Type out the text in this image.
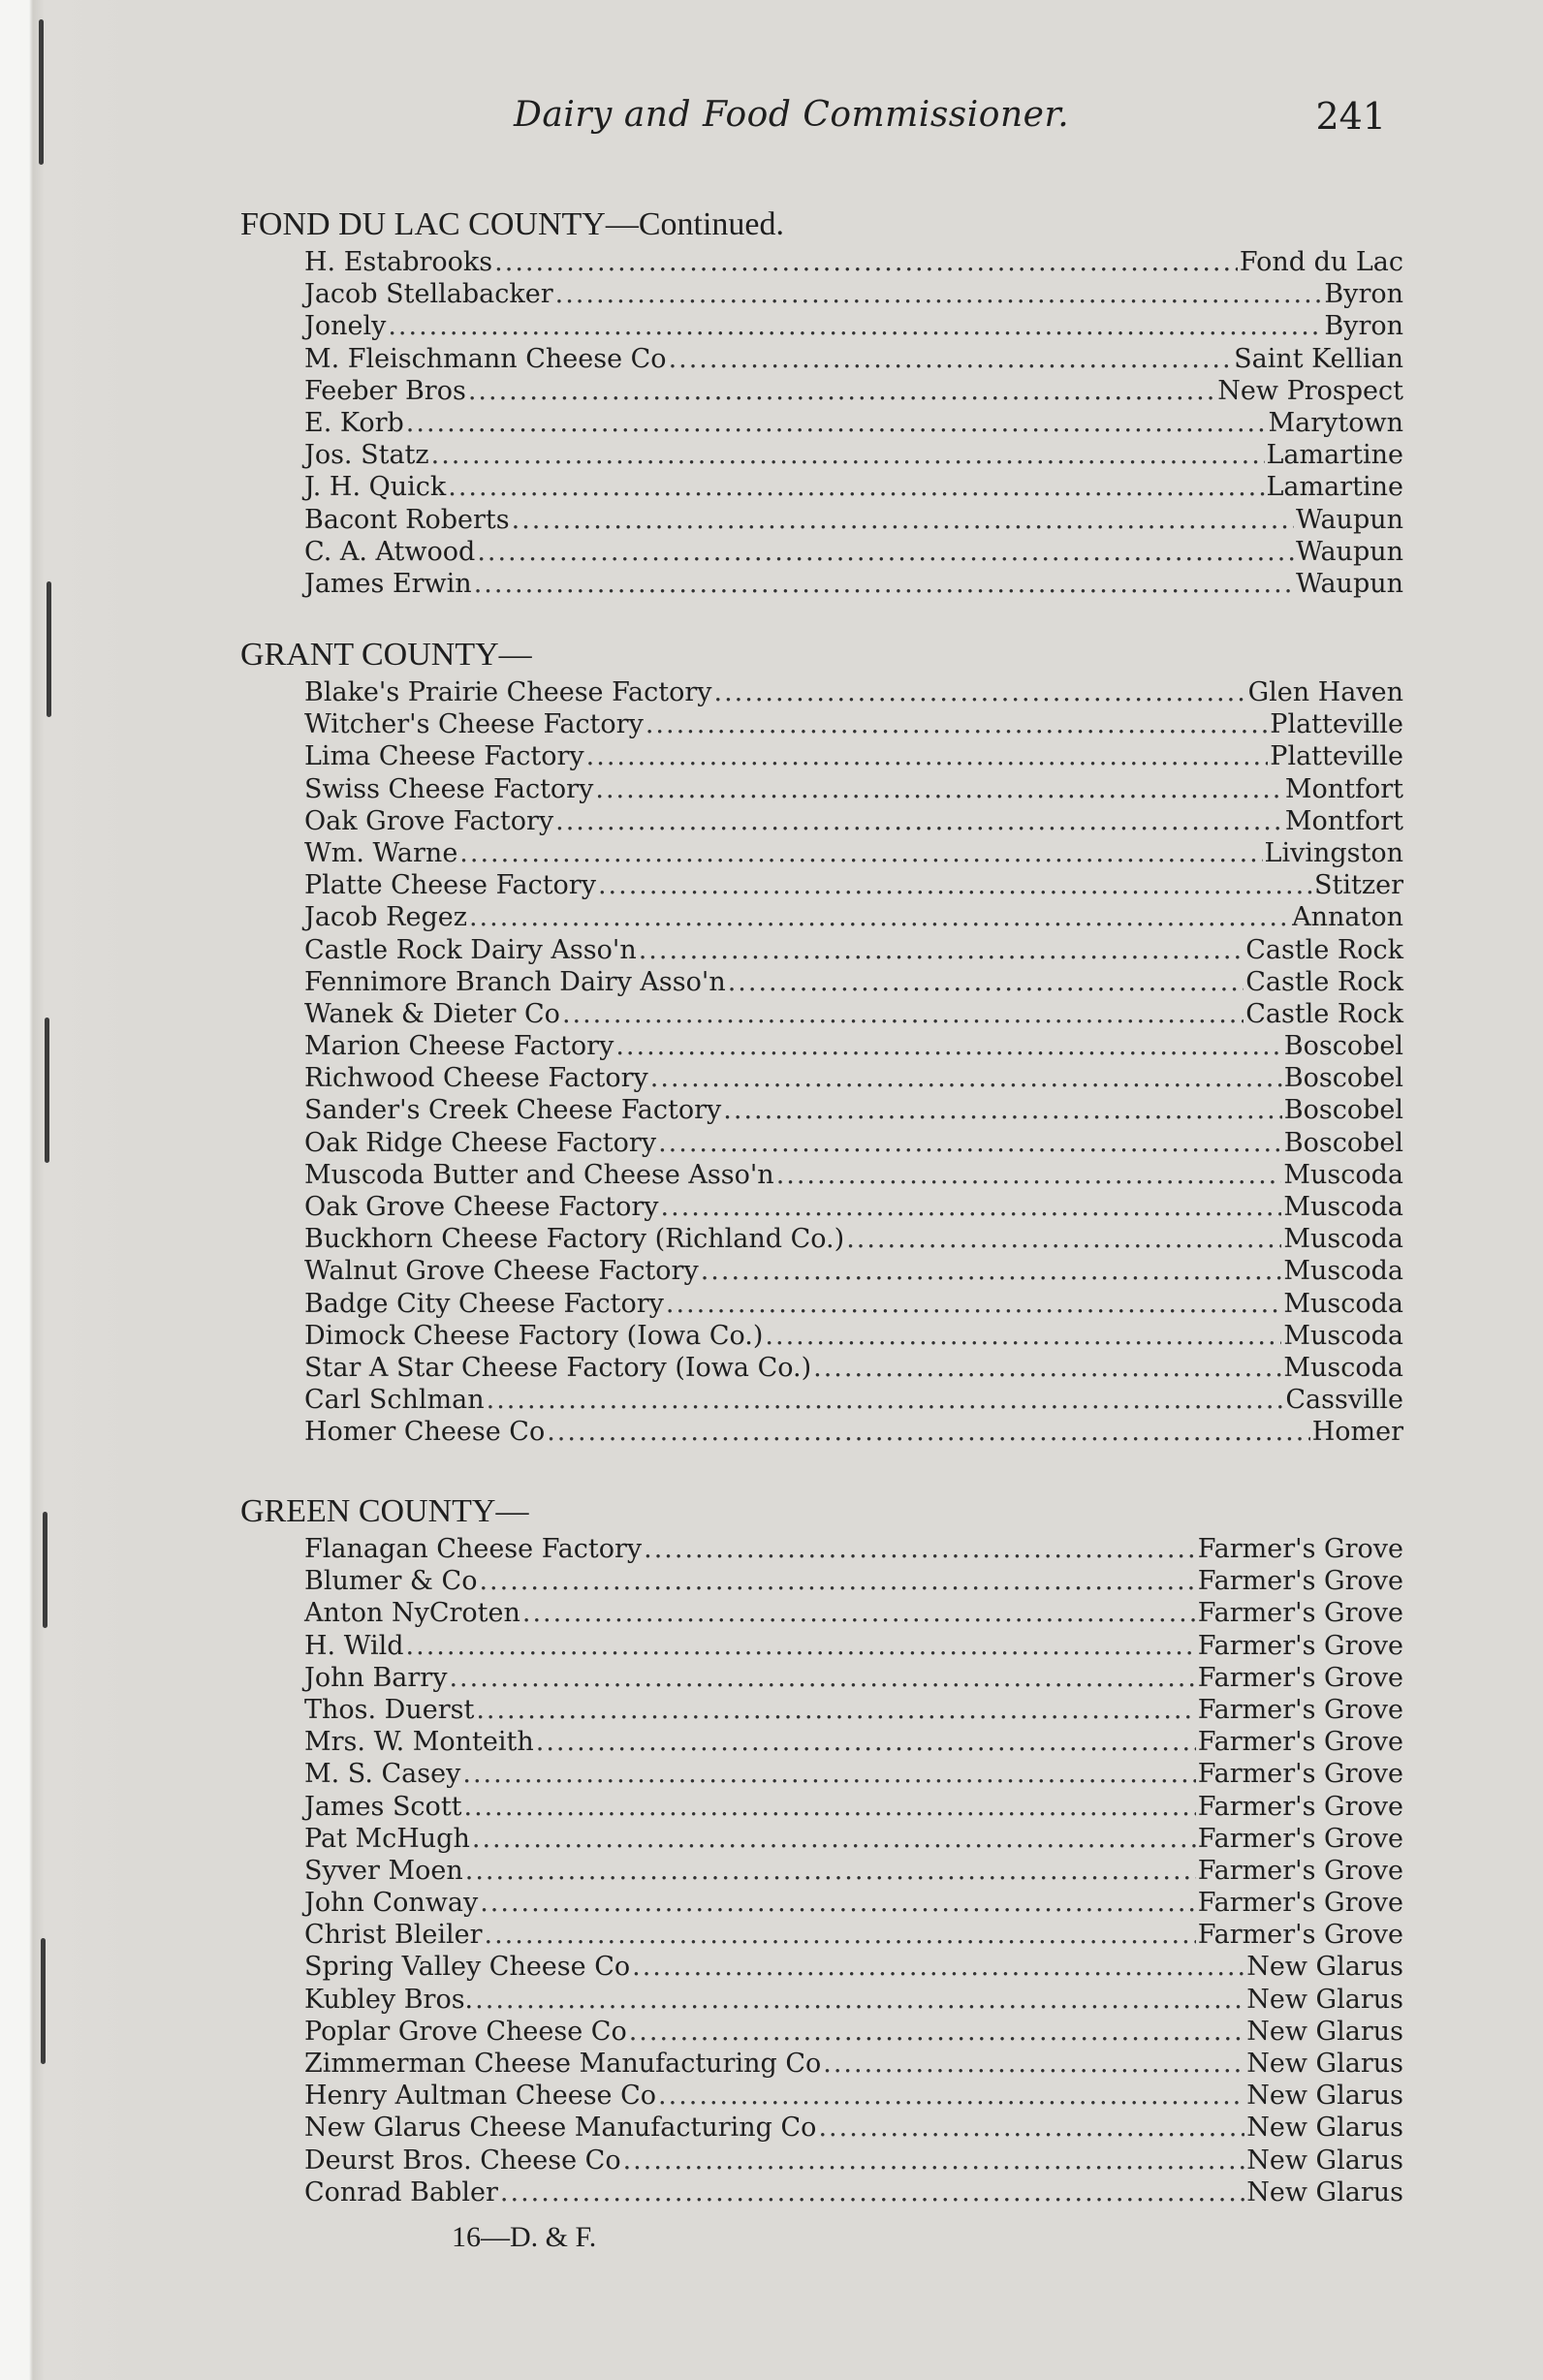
Dairy and Food Commissioner.	241
FOND DU LAC COUNTY—Continued.
H. Estabrooks .....	Fond du Lac
Jacob Stellabacker .....	Byron
Jonely .....	Byron
M. Fleischmann Cheese Co .....	Saint Kellian
Feeber Bros .....	New Prospect
E. Korb .....	Marytown
Jos. Statz .....	Lamartine
J. H. Quick .....	Lamartine
Bacont Roberts .....	Waupun
C. A. Atwood .....	Waupun
James Erwin .....	Waupun
GRANT COUNTY—
Blake's Prairie Cheese Factory .....	Glen Haven
Witcher's Cheese Factory .....	Platteville
Lima Cheese Factory .....	Platteville
Swiss Cheese Factory .....	Montfort
Oak Grove Factory .....	Montfort
Wm. Warne .....	Livingston
Platte Cheese Factory .....	Stitzer
Jacob Regez .....	Annaton
Castle Rock Dairy Asso'n .....	Castle Rock
Fennimore Branch Dairy Asso'n .....	Castle Rock
Wanek & Dieter Co .....	Castle Rock
Marion Cheese Factory .....	Boscobel
Richwood Cheese Factory .....	Boscobel
Sander's Creek Cheese Factory .....	Boscobel
Oak Ridge Cheese Factory .....	Boscobel
Muscoda Butter and Cheese Asso'n .....	Muscoda
Oak Grove Cheese Factory .....	Muscoda
Buckhorn Cheese Factory (Richland Co.) .....	Muscoda
Walnut Grove Cheese Factory .....	Muscoda
Badge City Cheese Factory .....	Muscoda
Dimock Cheese Factory (Iowa Co.) .....	Muscoda
Star A Star Cheese Factory (Iowa Co.) .....	Muscoda
Carl Schlman .....	Cassville
Homer Cheese Co .....	Homer
GREEN COUNTY—
Flanagan Cheese Factory .....	Farmer's Grove
Blumer & Co .....	Farmer's Grove
Anton NyCroten .....	Farmer's Grove
H. Wild .....	Farmer's Grove
John Barry .....	Farmer's Grove
Thos. Duerst .....	Farmer's Grove
Mrs. W. Monteith .....	Farmer's Grove
M. S. Casey .....	Farmer's Grove
James Scott .....	Farmer's Grove
Pat McHugh .....	Farmer's Grove
Syver Moen .....	Farmer's Grove
John Conway .....	Farmer's Grove
Christ Bleiler .....	Farmer's Grove
Spring Valley Cheese Co .....	New Glarus
Kubley Bros. .....	New Glarus
Poplar Grove Cheese Co .....	New Glarus
Zimmerman Cheese Manufacturing Co .....	New Glarus
Henry Aultman Cheese Co .....	New Glarus
New Glarus Cheese Manufacturing Co .....	New Glarus
Deurst Bros. Cheese Co .....	New Glarus
Conrad Babler .....	New Glarus
16—D. & F.
